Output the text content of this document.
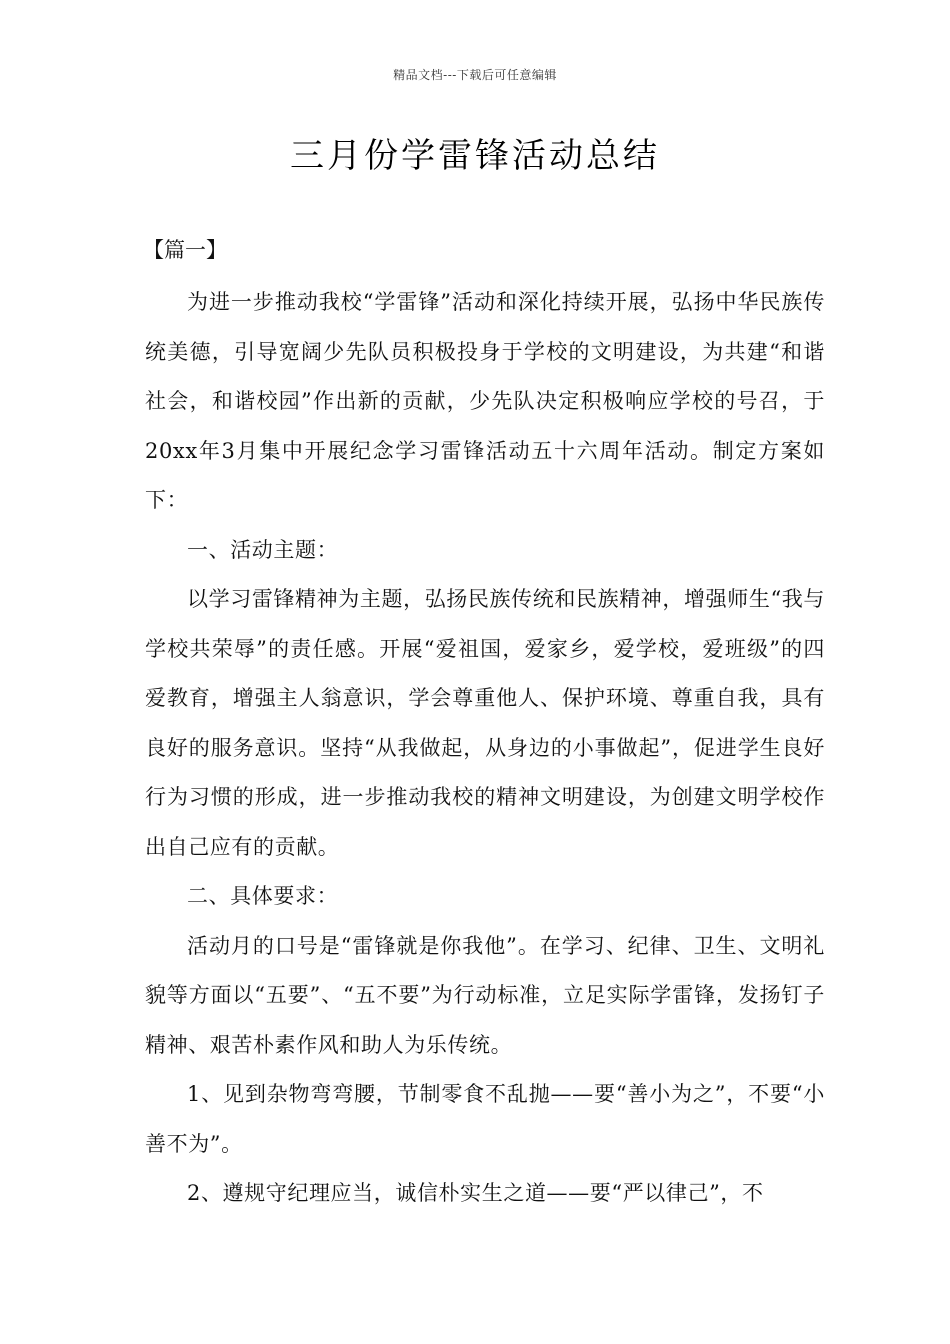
精品文档---下载后可任意编辑
三月份学雷锋活动总结
【篇一】

为进一步推动我校“学雷锋”活动和深化持续开展，弘扬中华民族传统美德，引导宽阔少先队员积极投身于学校的文明建设，为共建“和谐社会，和谐校园”作出新的贡献，少先队决定积极响应学校的号召，于20xx年3月集中开展纪念学习雷锋活动五十六周年活动。制定方案如下：

一、活动主题：

以学习雷锋精神为主题，弘扬民族传统和民族精神，增强师生“我与学校共荣辱”的责任感。开展“爱祖国，爱家乡，爱学校，爱班级”的四爱教育，增强主人翁意识，学会尊重他人、保护环境、尊重自我，具有良好的服务意识。坚持“从我做起，从身边的小事做起”，促进学生良好行为习惯的形成，进一步推动我校的精神文明建设，为创建文明学校作出自己应有的贡献。

二、具体要求：

活动月的口号是“雷锋就是你我他”。在学习、纪律、卫生、文明礼貌等方面以“五要”、“五不要”为行动标准，立足实际学雷锋，发扬钉子精神、艰苦朴素作风和助人为乐传统。

1、见到杂物弯弯腰，节制零食不乱抛——要“善小为之”，不要“小善不为”。

2、遵规守纪理应当，诚信朴实生之道——要“严以律己”，不
